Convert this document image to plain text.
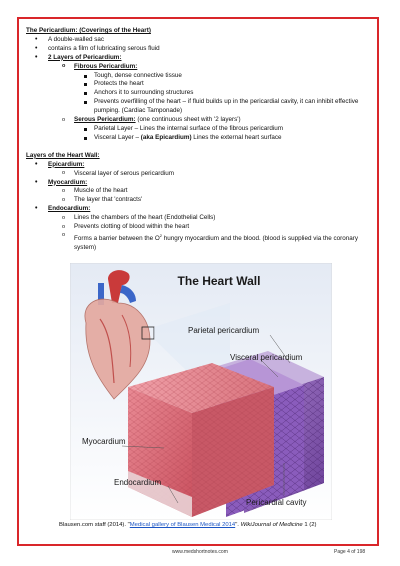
The Pericardium: (Coverings of the Heart)
• A double-walled sac
• contains a film of lubricating serous fluid
• 2 Layers of Pericardium:
o Fibrous Pericardium:
Tough, dense connective tissue
Protects the heart
Anchors it to surrounding structures
Prevents overfilling of the heart – if fluid builds up in the pericardial cavity, it can inhibit effective pumping. (Cardiac Tamponade)
o Serous Pericardium: (one continuous sheet with '2 layers')
Parietal Layer – Lines the internal surface of the fibrous pericardium
Visceral Layer – (aka Epicardium) Lines the external heart surface
Layers of the Heart Wall:
• Epicardium:
o Visceral layer of serous pericardium
• Myocardium:
o Muscle of the heart
o The layer that 'contracts'
• Endocardium:
o Lines the chambers of the heart (Endothelial Cells)
o Prevents clotting of blood within the heart
o Forms a barrier between the $O^2$ hungry myocardium and the blood. (blood is supplied via the coronary system)
The Heart Wall
Parietal pericardium
Visceral pericardium
Myocardium
Endocardium
Pericardial cavity
Blausen.com staff (2014). "Medical gallery of Blausen Medical 2014". WikiJournal of Medicine 1 (2)
www.medshortnotes.com	Page 4 of 198
